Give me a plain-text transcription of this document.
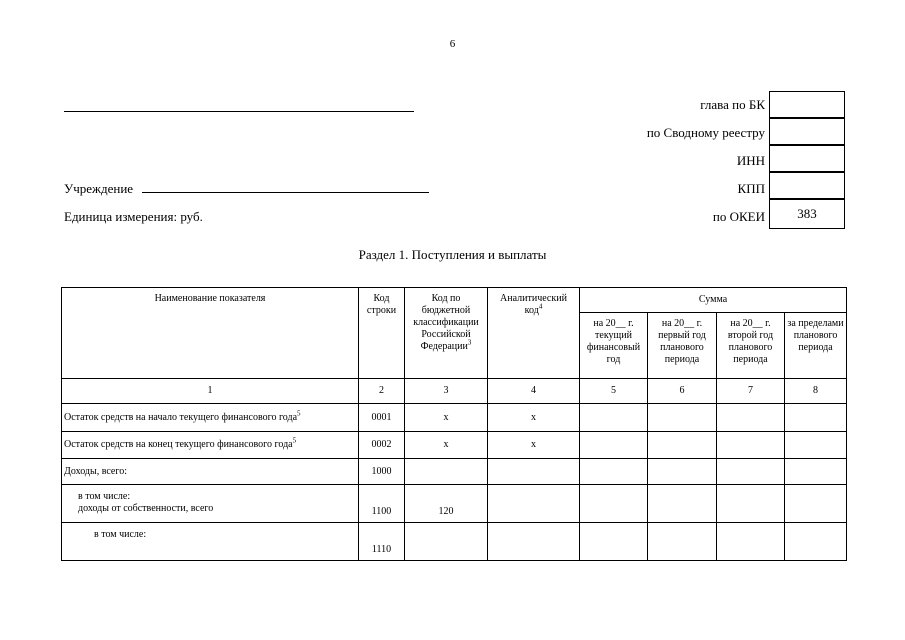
6
Учреждение
Единица измерения: руб.
глава по БК
по Сводному реестру
ИНН
КПП
по ОКЕИ	383
Раздел 1. Поступления и выплаты
Наименование показателя	Код строки	Код по бюджетной классификации Российской Федерации$^3$	Аналитический код$^4$	Сумма			
				на 20__ г. текущий финансовый год	на 20__ г. первый год планового периода	на 20__ г. второй год планового периода	за пределами планового периода
1	2	3	4	5	6	7	8
Остаток средств на начало текущего финансового года$^5$	0001	х	х				
Остаток средств на конец текущего финансового года$^5$	0002	х	х				
Доходы, всего:	1000						

в том числе:
доходы от собственности, всего	1100	120					
в том числе:	1110						
